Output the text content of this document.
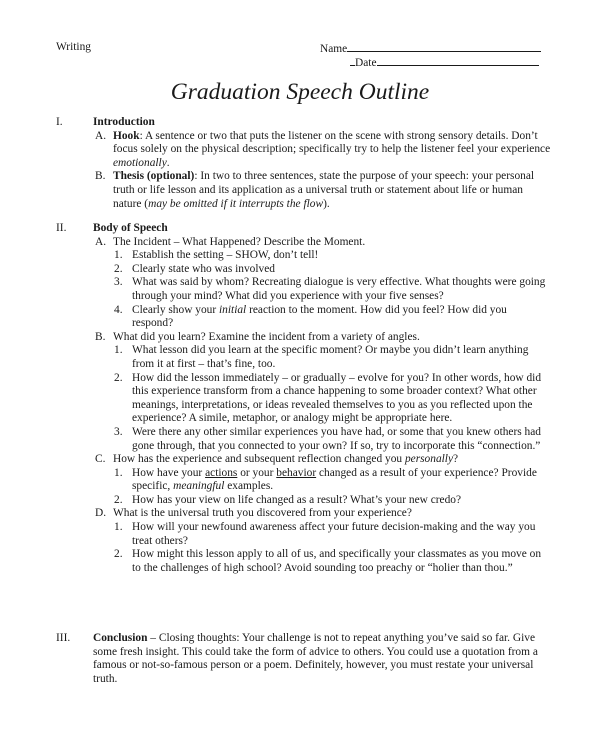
Writing	Name
Date
Graduation Speech Outline
I.	Introduction
A. Hook: A sentence or two that puts the listener on the scene with strong sensory details. Don’t focus solely on the physical description; specifically try to help the listener feel your experience emotionally.
B. Thesis (optional): In two to three sentences, state the purpose of your speech: your personal truth or life lesson and its application as a universal truth or statement about life or human nature (may be omitted if it interrupts the flow).
II. Body of Speech
A. The Incident – What Happened? Describe the Moment.
1. Establish the setting – SHOW, don’t tell!
2. Clearly state who was involved
3. What was said by whom? Recreating dialogue is very effective. What thoughts were going through your mind? What did you experience with your five senses?
4. Clearly show your initial reaction to the moment. How did you feel? How did you respond?
B. What did you learn? Examine the incident from a variety of angles.
1. What lesson did you learn at the specific moment? Or maybe you didn’t learn anything from it at first – that’s fine, too.
2. How did the lesson immediately – or gradually – evolve for you? In other words, how did this experience transform from a chance happening to some broader context? What other meanings, interpretations, or ideas revealed themselves to you as you reflected upon the experience? A simile, metaphor, or analogy might be appropriate here.
3. Were there any other similar experiences you have had, or some that you knew others had gone through, that you connected to your own? If so, try to incorporate this “connection.”
C. How has the experience and subsequent reflection changed you personally?
1. How have your actions or your behavior changed as a result of your experience? Provide specific, meaningful examples.
2. How has your view on life changed as a result? What’s your new credo?
D. What is the universal truth you discovered from your experience?
1. How will your newfound awareness affect your future decision-making and the way you treat others?
2. How might this lesson apply to all of us, and specifically your classmates as you move on to the challenges of high school? Avoid sounding too preachy or “holier than thou.”
III. Conclusion – Closing thoughts: Your challenge is not to repeat anything you’ve said so far. Give some fresh insight. This could take the form of advice to others. You could use a quotation from a famous or not-so-famous person or a poem. Definitely, however, you must restate your universal truth.
